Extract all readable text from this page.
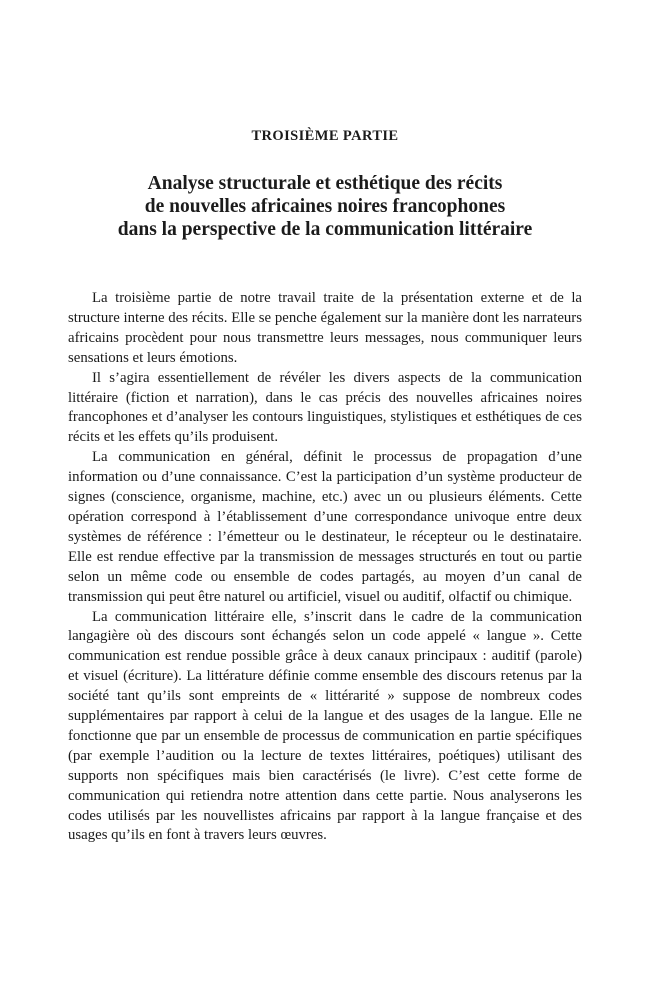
TROISIÈME PARTIE
Analyse structurale et esthétique des récits
de nouvelles africaines noires francophones
dans la perspective de la communication littéraire

La troisième partie de notre travail traite de la présentation externe et de la structure interne des récits. Elle se penche également sur la manière dont les narrateurs africains procèdent pour nous transmettre leurs messages, nous communiquer leurs sensations et leurs émotions.

Il s’agira essentiellement de révéler les divers aspects de la communication littéraire (fiction et narration), dans le cas précis des nouvelles africaines noires francophones et d’analyser les contours linguistiques, stylistiques et esthétiques de ces récits et les effets qu’ils produisent.

La communication en général, définit le processus de propagation d’une information ou d’une connaissance. C’est la participation d’un système producteur de signes (conscience, organisme, machine, etc.) avec un ou plusieurs éléments. Cette opération correspond à l’établissement d’une correspondance univoque entre deux systèmes de référence : l’émetteur ou le destinateur, le récepteur ou le destinataire. Elle est rendue effective par la transmission de messages structurés en tout ou partie selon un même code ou ensemble de codes partagés, au moyen d’un canal de transmission qui peut être naturel ou artificiel, visuel ou auditif, olfactif ou chimique.

La communication littéraire elle, s’inscrit dans le cadre de la communication langagière où des discours sont échangés selon un code appelé « langue ». Cette communication est rendue possible grâce à deux canaux principaux : auditif (parole) et visuel (écriture). La littérature définie comme ensemble des discours retenus par la société tant qu’ils sont empreints de « littérarité » suppose de nombreux codes supplémentaires par rapport à celui de la langue et des usages de la langue. Elle ne fonctionne que par un ensemble de processus de communication en partie spécifiques (par exemple l’audition ou la lecture de textes littéraires, poétiques) utilisant des supports non spécifiques mais bien caractérisés (le livre). C’est cette forme de communication qui retiendra notre attention dans cette partie. Nous analyserons les codes utilisés par les nouvellistes africains par rapport à la langue française et des usages qu’ils en font à travers leurs œuvres.
